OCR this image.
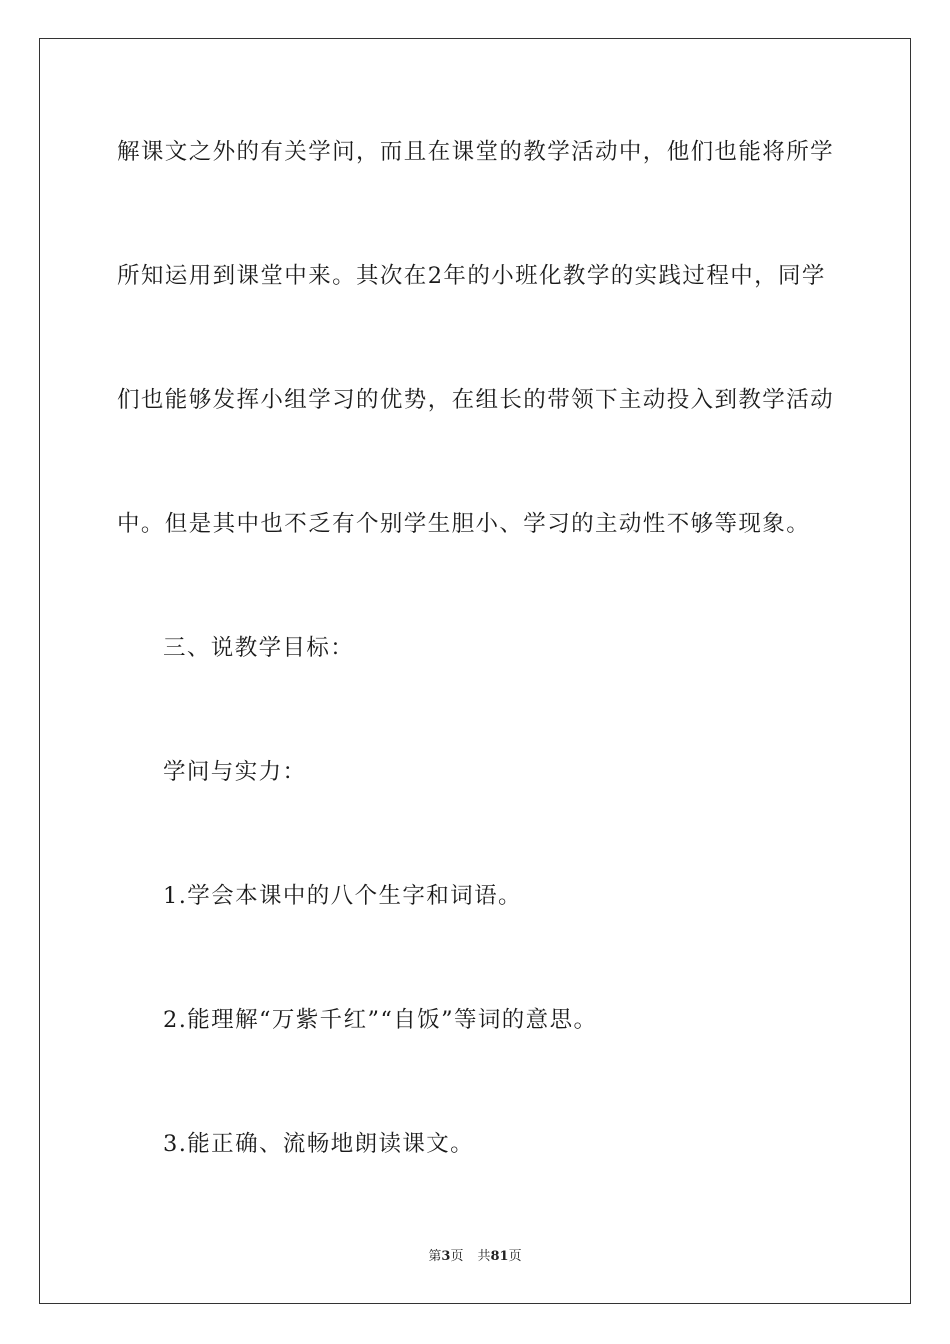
解课文之外的有关学问，而且在课堂的教学活动中，他们也能将所学
所知运用到课堂中来。其次在2年的小班化教学的实践过程中，同学
们也能够发挥小组学习的优势，在组长的带领下主动投入到教学活动
中。但是其中也不乏有个别学生胆小、学习的主动性不够等现象。
三、说教学目标：
学问与实力：
1.学会本课中的八个生字和词语。
2.能理解“万紫千红”“自饭”等词的意思。
3.能正确、流畅地朗读课文。
第3页 共81页
